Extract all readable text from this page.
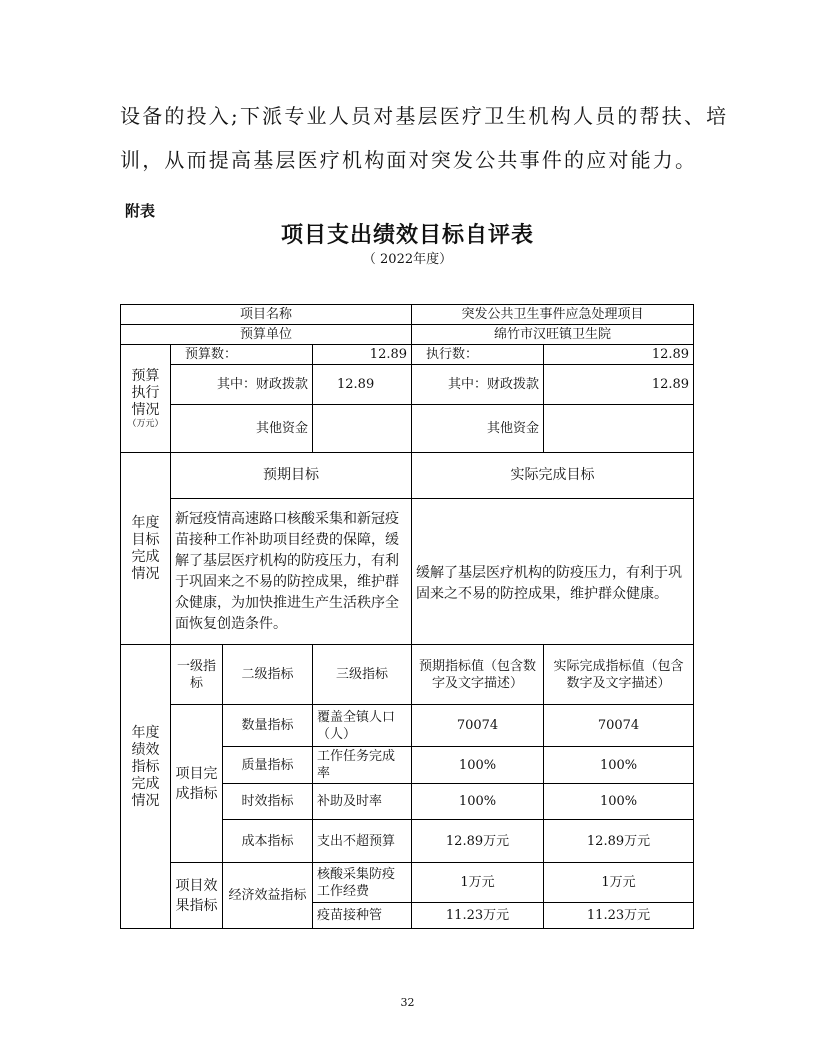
设备的投入;下派专业人员对基层医疗卫生机构人员的帮扶、培

训，从而提高基层医疗机构面对突发公共事件的应对能力。

附表
项目支出绩效目标自评表
（ 2022年度）
项目名称				突发公共卫生事件应急处理项目	
预算单位				绵竹市汉旺镇卫生院	
预算执行情况
（万元）	预算数：		12.89	执行数：	12.89
	其中：财政拨款		12.89	其中：财政拨款	12.89
	其他资金			其他资金	
年度目标完成情况	预期目标			实际完成目标	
	新冠疫情高速路口核酸采集和新冠疫苗接种工作补助项目经费的保障，缓解了基层医疗机构的防疫压力，有利于巩固来之不易的防控成果，维护群众健康，为加快推进生产生活秩序全面恢复创造条件。			缓解了基层医疗机构的防疫压力，有利于巩固来之不易的防控成果，维护群众健康。	
年度绩效指标完成情况	一级指标	二级指标	三级指标	预期指标值（包含数字及文字描述）	实际完成指标值（包含数字及文字描述）
	项目完成指标	数量指标	覆盖全镇人口（人）	70074	70074
		质量指标	工作任务完成率	100%	100%
		时效指标	补助及时率	100%	100%
		成本指标	支出不超预算	12.89万元	12.89万元
	项目效果指标	经济效益指标	核酸采集防疫工作经费	1万元	1万元
			疫苗接种管	11.23万元	11.23万元
32
